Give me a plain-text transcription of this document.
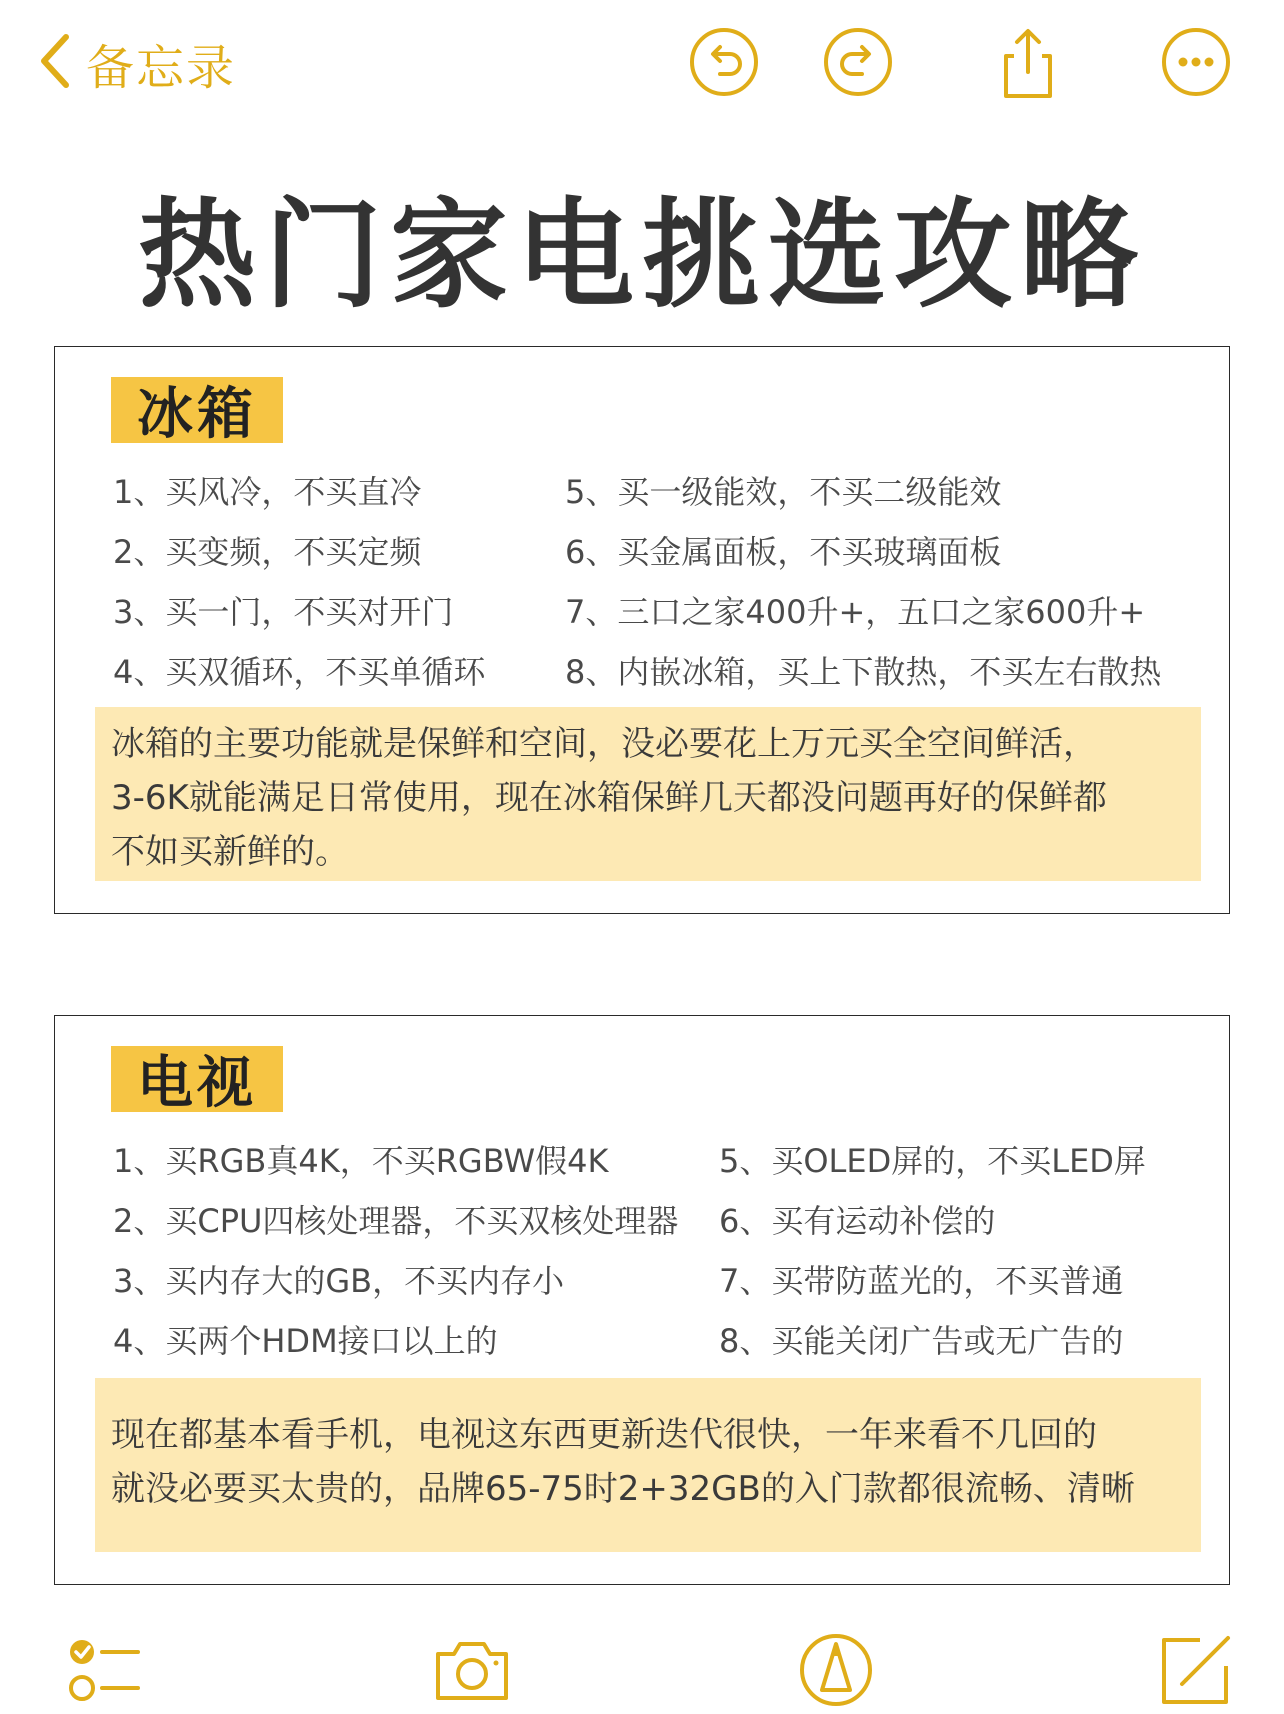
备忘录
热门家电挑选攻略
冰箱
1、买风冷，不买直冷
2、买变频，不买定频
3、买一门，不买对开门
4、买双循环，不买单循环
5、买一级能效，不买二级能效
6、买金属面板，不买玻璃面板
7、三口之家400升+，五口之家600升+
8、内嵌冰箱，买上下散热，不买左右散热
冰箱的主要功能就是保鲜和空间，没必要花上万元买全空间鲜活，
3-6K就能满足日常使用，现在冰箱保鲜几天都没问题再好的保鲜都
不如买新鲜的。
电视
1、买RGB真4K，不买RGBW假4K
2、买CPU四核处理器，不买双核处理器
3、买内存大的GB，不买内存小
4、买两个HDM接口以上的
5、买OLED屏的，不买LED屏
6、买有运动补偿的
7、买带防蓝光的，不买普通
8、买能关闭广告或无广告的
现在都基本看手机，电视这东西更新迭代很快，一年来看不几回的
就没必要买太贵的，品牌65-75时2+32GB的入门款都很流畅、清晰
